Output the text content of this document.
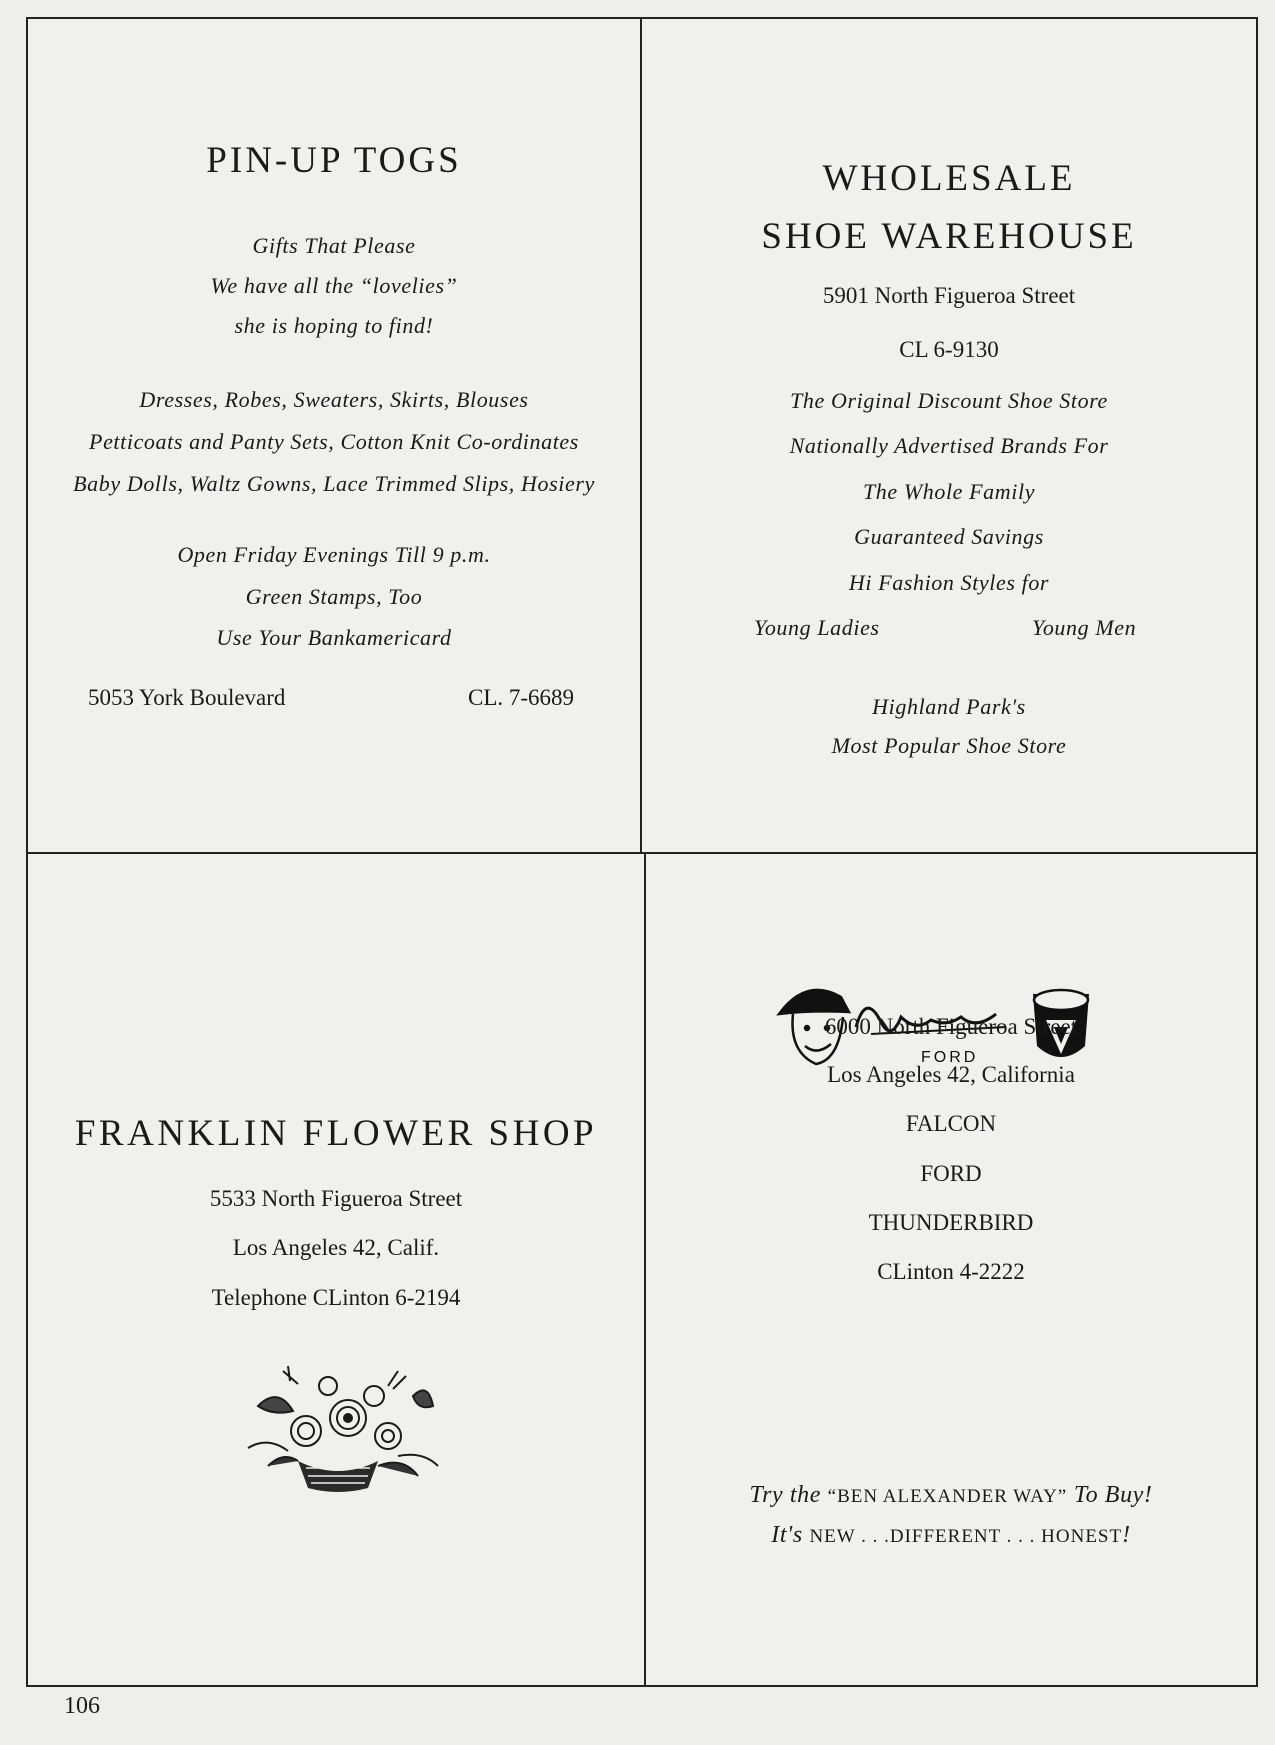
PIN-UP TOGS
Gifts That Please
We have all the “lovelies”
she is hoping to find!
Dresses, Robes, Sweaters, Skirts, Blouses
Petticoats and Panty Sets, Cotton Knit Co-ordinates
Baby Dolls, Waltz Gowns, Lace Trimmed Slips, Hosiery
Open Friday Evenings Till 9 p.m.
Green Stamps, Too
Use Your Bankamericard
5053 York Boulevard	CL. 7-6689
WHOLESALE
SHOE WAREHOUSE
5901 North Figueroa Street
CL 6-9130
The Original Discount Shoe Store
Nationally Advertised Brands For
The Whole Family
Guaranteed Savings
Hi Fashion Styles for
Young Ladies	Young Men
Highland Park's
Most Popular Shoe Store
FRANKLIN FLOWER SHOP
5533 North Figueroa Street
Los Angeles 42, Calif.
Telephone CLinton 6-2194
FORD
6000 North Figueroa Street
Los Angeles 42, California
FALCON
FORD
THUNDERBIRD
CLinton 4-2222
Try the “BEN ALEXANDER WAY” To Buy!
It's NEW . . .DIFFERENT . . . HONEST!
106
